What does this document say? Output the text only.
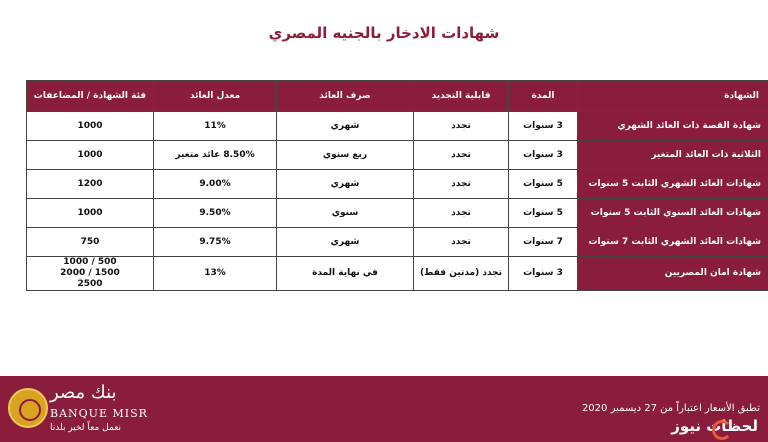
شهادات الادخار بالجنيه المصري
الشهادة	المدة	قابلية التجديد	صرف العائد	معدل العائد	فئة الشهادة / المضاعفات
شهادة القصة ذات العائد الشهري	3 سنوات	تجدد	شهري	11%	1000
الثلاثية ذات العائد المتغير	3 سنوات	تجدد	ربع سنوي	8.50% عائد متغير	1000
شهادات العائد الشهري الثابت 5 سنوات	5 سنوات	تجدد	شهري	9.00%	1200
شهادات العائد السنوي الثابت 5 سنوات	5 سنوات	تجدد	سنوي	9.50%	1000
شهادات العائد الشهري الثابت 7 سنوات	7 سنوات	تجدد	شهري	9.75%	750
شهادة امان المصريين	3 سنوات	تجدد (مدتين فقط)	في نهاية المدة	13%	1000 / 500
2000 / 1500
2500
بنك مصر
BANQUE MISR
نعمل معاً لخير بلدنا
تطبق الأسعار اعتباراً من 27 ديسمبر 2020
لحظات نيوز
